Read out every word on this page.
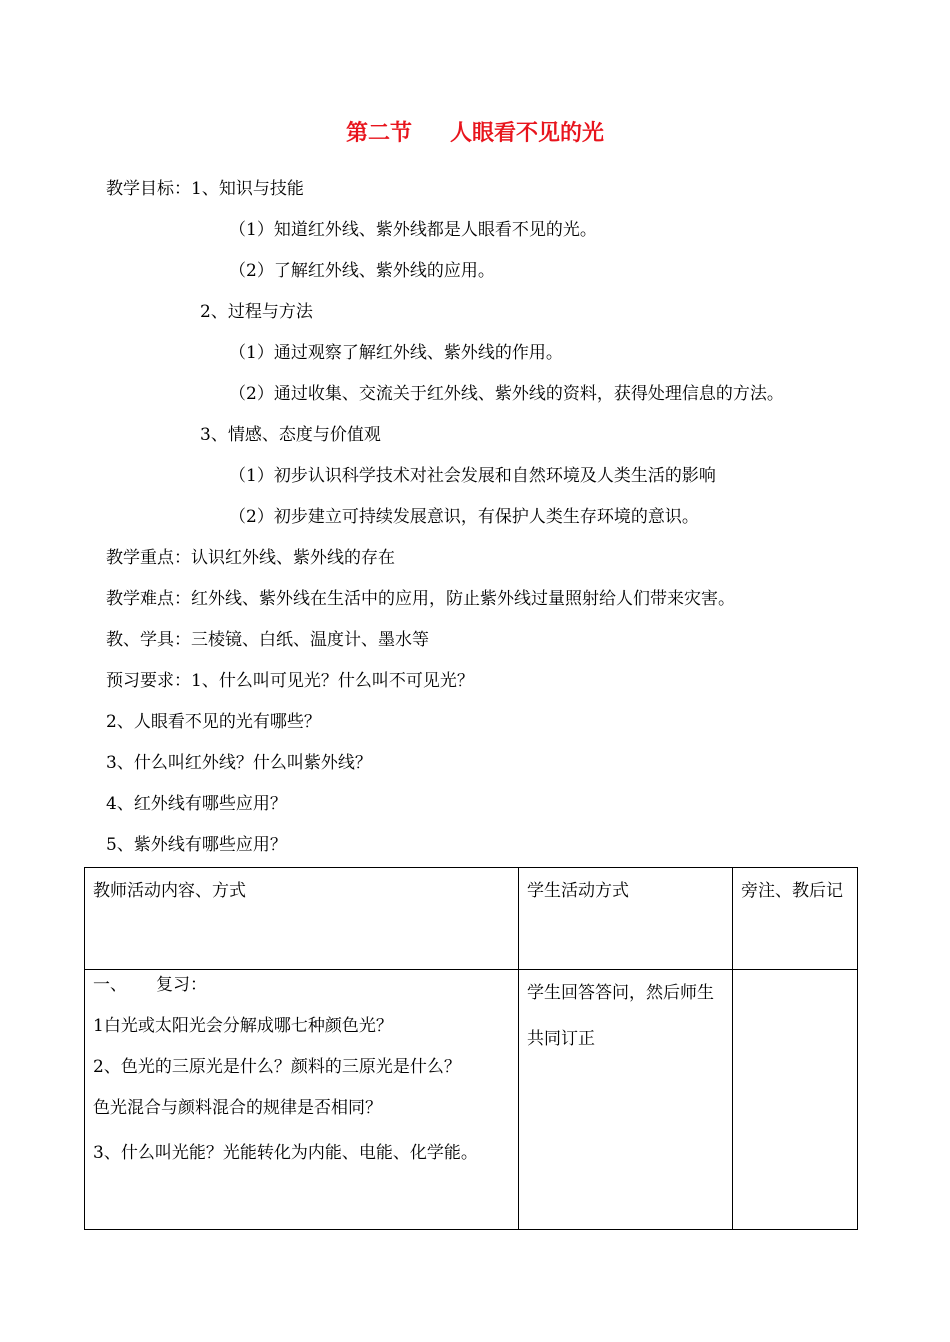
第二节 人眼看不见的光
教学目标：1、知识与技能
（1）知道红外线、紫外线都是人眼看不见的光。
（2）了解红外线、紫外线的应用。
2、过程与方法
（1）通过观察了解红外线、紫外线的作用。
（2）通过收集、交流关于红外线、紫外线的资料，获得处理信息的方法。
3、情感、态度与价值观
（1）初步认识科学技术对社会发展和自然环境及人类生活的影响
（2）初步建立可持续发展意识，有保护人类生存环境的意识。
教学重点：认识红外线、紫外线的存在
教学难点：红外线、紫外线在生活中的应用，防止紫外线过量照射给人们带来灾害。
教、学具：三棱镜、白纸、温度计、墨水等
预习要求：1、什么叫可见光？什么叫不可见光？
2、人眼看不见的光有哪些？
3、什么叫红外线？什么叫紫外线？
4、红外线有哪些应用？
5、紫外线有哪些应用？
教师活动内容、方式	学生活动方式	旁注、教后记

一、 复习：

1白光或太阳光会分解成哪七种颜色光？

2、色光的三原光是什么？颜料的三原光是什么？

色光混合与颜料混合的规律是否相同？

3、什么叫光能？光能转化为内能、电能、化学能。	学生回答答问，然后师生共同订正	
